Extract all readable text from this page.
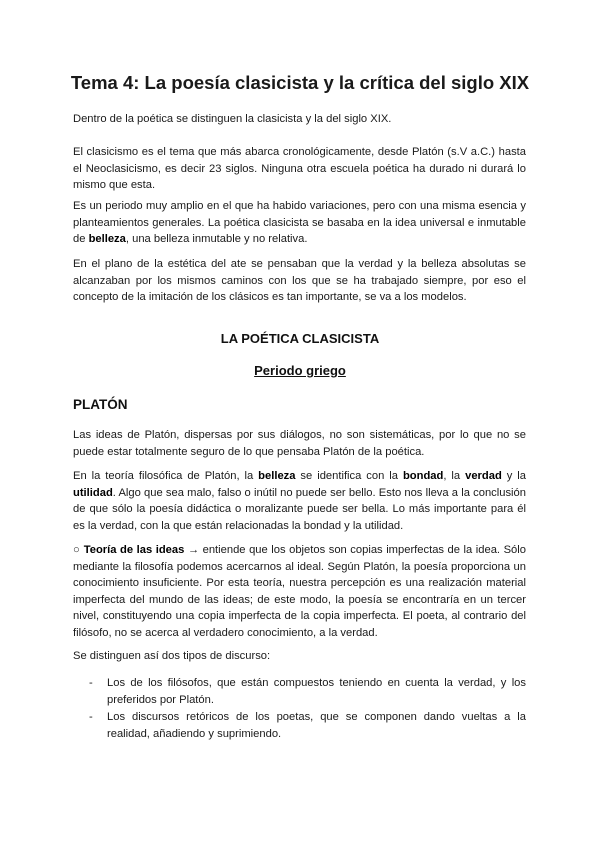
Tema 4: La poesía clasicista y la crítica del siglo XIX

Dentro de la poética se distinguen la clasicista y la del siglo XIX.

El clasicismo es el tema que más abarca cronológicamente, desde Platón (s.V a.C.) hasta el Neoclasicismo, es decir 23 siglos. Ninguna otra escuela poética ha durado ni durará lo mismo que esta.

Es un periodo muy amplio en el que ha habido variaciones, pero con una misma esencia y planteamientos generales. La poética clasicista se basaba en la idea universal e inmutable de belleza, una belleza inmutable y no relativa.

En el plano de la estética del ate se pensaban que la verdad y la belleza absolutas se alcanzaban por los mismos caminos con los que se ha trabajado siempre, por eso el concepto de la imitación de los clásicos es tan importante, se va a los modelos.

LA POÉTICA CLASICISTA
Periodo griego
PLATÓN

Las ideas de Platón, dispersas por sus diálogos, no son sistemáticas, por lo que no se puede estar totalmente seguro de lo que pensaba Platón de la poética.

En la teoría filosófica de Platón, la belleza se identifica con la bondad, la verdad y la utilidad. Algo que sea malo, falso o inútil no puede ser bello. Esto nos lleva a la conclusión de que sólo la poesía didáctica o moralizante puede ser bella. Lo más importante para él es la verdad, con la que están relacionadas la bondad y la utilidad.

○ Teoría de las ideas → entiende que los objetos son copias imperfectas de la idea. Sólo mediante la filosofía podemos acercarnos al ideal. Según Platón, la poesía proporciona un conocimiento insuficiente. Por esta teoría, nuestra percepción es una realización material imperfecta del mundo de las ideas; de este modo, la poesía se encontraría en un tercer nivel, constituyendo una copia imperfecta de la copia imperfecta. El poeta, al contrario del filósofo, no se acerca al verdadero conocimiento, a la verdad.

Se distinguen así dos tipos de discurso:

- Los de los filósofos, que están compuestos teniendo en cuenta la verdad, y los preferidos por Platón.
- Los discursos retóricos de los poetas, que se componen dando vueltas a la realidad, añadiendo y suprimiendo.
